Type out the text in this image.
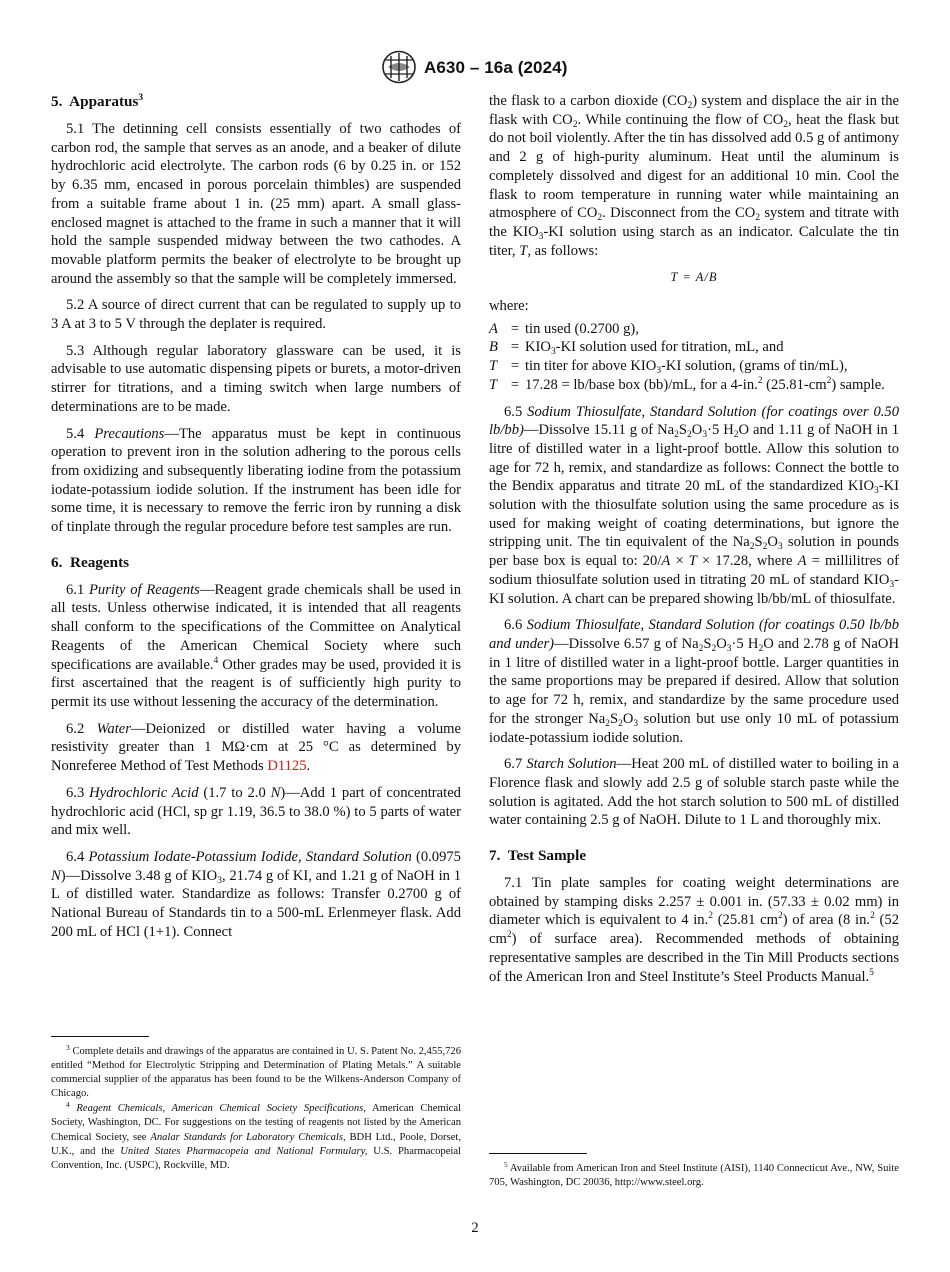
A630 – 16a (2024)
5. Apparatus$^3$

5.1 The detinning cell consists essentially of two cathodes of carbon rod, the sample that serves as an anode, and a beaker of dilute hydrochloric acid electrolyte. The carbon rods (6 by 0.25 in. or 152 by 6.35 mm, encased in porous porcelain thimbles) are suspended from a suitable frame about 1 in. (25 mm) apart. A small glass-enclosed magnet is attached to the frame in such a manner that it will hold the sample suspended midway between the two cathodes. A movable platform permits the beaker of electrolyte to be brought up around the assembly so that the sample will be completely immersed.

5.2 A source of direct current that can be regulated to supply up to 3 A at 3 to 5 V through the deplater is required.

5.3 Although regular laboratory glassware can be used, it is advisable to use automatic dispensing pipets or burets, a motor-driven stirrer for titrations, and a timing switch when large numbers of determinations are to be made.

5.4 Precautions—The apparatus must be kept in continuous operation to prevent iron in the solution adhering to the porous cells from oxidizing and subsequently liberating iodine from the potassium iodate-potassium iodide solution. If the instrument has been idle for some time, it is necessary to remove the ferric iron by running a disk of tinplate through the regular procedure before test samples are run.

6. Reagents

6.1 Purity of Reagents—Reagent grade chemicals shall be used in all tests. Unless otherwise indicated, it is intended that all reagents shall conform to the specifications of the Committee on Analytical Reagents of the American Chemical Society where such specifications are available.$^4$ Other grades may be used, provided it is first ascertained that the reagent is of sufficiently high purity to permit its use without lessening the accuracy of the determination.

6.2 Water—Deionized or distilled water having a volume resistivity greater than 1 MΩ·cm at 25 °C as determined by Nonreferee Method of Test Methods D1125.

6.3 Hydrochloric Acid (1.7 to 2.0 N)—Add 1 part of concentrated hydrochloric acid (HCl, sp gr 1.19, 36.5 to 38.0 %) to 5 parts of water and mix well.

6.4 Potassium Iodate-Potassium Iodide, Standard Solution (0.0975 N)—Dissolve 3.48 g of $KIO_3$, 21.74 g of KI, and 1.21 g of NaOH in 1 L of distilled water. Standardize as follows: Transfer 0.2700 g of National Bureau of Standards tin to a 500-mL Erlenmeyer flask. Add 200 mL of HCl (1+1). Connect

$^3$ Complete details and drawings of the apparatus are contained in U. S. Patent No. 2,455,726 entitled “Method for Electrolytic Stripping and Determination of Plating Metals.” A suitable commercial supplier of the apparatus has been found to be the Wilkens-Anderson Company of Chicago.

$^4$ Reagent Chemicals, American Chemical Society Specifications, American Chemical Society, Washington, DC. For suggestions on the testing of reagents not listed by the American Chemical Society, see Analar Standards for Laboratory Chemicals, BDH Ltd., Poole, Dorset, U.K., and the United States Pharmacopeia and National Formulary, U.S. Pharmacopeial Convention, Inc. (USPC), Rockville, MD.

the flask to a carbon dioxide $(CO_2)$ system and displace the air in the flask with $CO_2$. While continuing the flow of $CO_2$, heat the flask but do not boil violently. After the tin has dissolved add 0.5 g of antimony and 2 g of high-purity aluminum. Heat until the aluminum is completely dissolved and digest for an additional 10 min. Cool the flask to room temperature in running water while maintaining an atmosphere of $CO_2$. Disconnect from the $CO_2$ system and titrate with the $KIO_3-KI$ solution using starch as an indicator. Calculate the tin titer, T, as follows:

T = A/B

where:

A	=	tin used (0.2700 g),
B	=	$KIO_3-KI$ solution used for titration, mL, and
T	=	tin titer for above $KIO_3-KI$ solution, (grams of tin/mL),
T	=	17.28 = lb/base box (bb)/mL, for a 4-in.$^2$ $(25.81-cm^2)$ sample.

6.5 Sodium Thiosulfate, Standard Solution (for coatings over 0.50 lb/bb)—Dissolve 15.11 g of $Na_2S_2O_3\cdot 5$ $H_2O$ and 1.11 g of NaOH in 1 litre of distilled water in a light-proof bottle. Allow this solution to age for 72 h, remix, and standardize as follows: Connect the bottle to the Bendix apparatus and titrate 20 mL of the standardized $KIO_3-KI$ solution with the thiosulfate solution using the same procedure as is used for making weight of coating determinations, but ignore the stripping unit. The tin equivalent of the $Na_2S_2O_3$ solution in pounds per base box is equal to: 20/A × T × 17.28, where A = millilitres of sodium thiosulfate solution used in titrating 20 mL of standard $KIO_3-KI$ solution. A chart can be prepared showing lb/bb/mL of thiosulfate.

6.6 Sodium Thiosulfate, Standard Solution (for coatings 0.50 lb/bb and under)—Dissolve 6.57 g of $Na_2S_2O_3\cdot 5$ $H_2O$ and 2.78 g of NaOH in 1 litre of distilled water in a light-proof bottle. Larger quantities in the same proportions may be prepared if desired. Allow that solution to age for 72 h, remix, and standardize by the same procedure used for the stronger $Na_2S_2O_3$ solution but use only 10 mL of potassium iodate-potassium iodide solution.

6.7 Starch Solution—Heat 200 mL of distilled water to boiling in a Florence flask and slowly add 2.5 g of soluble starch paste while the solution is agitated. Add the hot starch solution to 500 mL of distilled water containing 2.5 g of NaOH. Dilute to 1 L and thoroughly mix.

7. Test Sample

7.1 Tin plate samples for coating weight determinations are obtained by stamping disks 2.257 ± 0.001 in. (57.33 ± 0.02 mm) in diameter which is equivalent to 4 in.$^2$ (25.81 $cm^2$) of area (8 in.$^2$ (52 $cm^2$) of surface area). Recommended methods of obtaining representative samples are described in the Tin Mill Products sections of the American Iron and Steel Institute’s Steel Products Manual.$^5$

$^5$ Available from American Iron and Steel Institute (AISI), 1140 Connecticut Ave., NW, Suite 705, Washington, DC 20036, http://www.steel.org.

2
